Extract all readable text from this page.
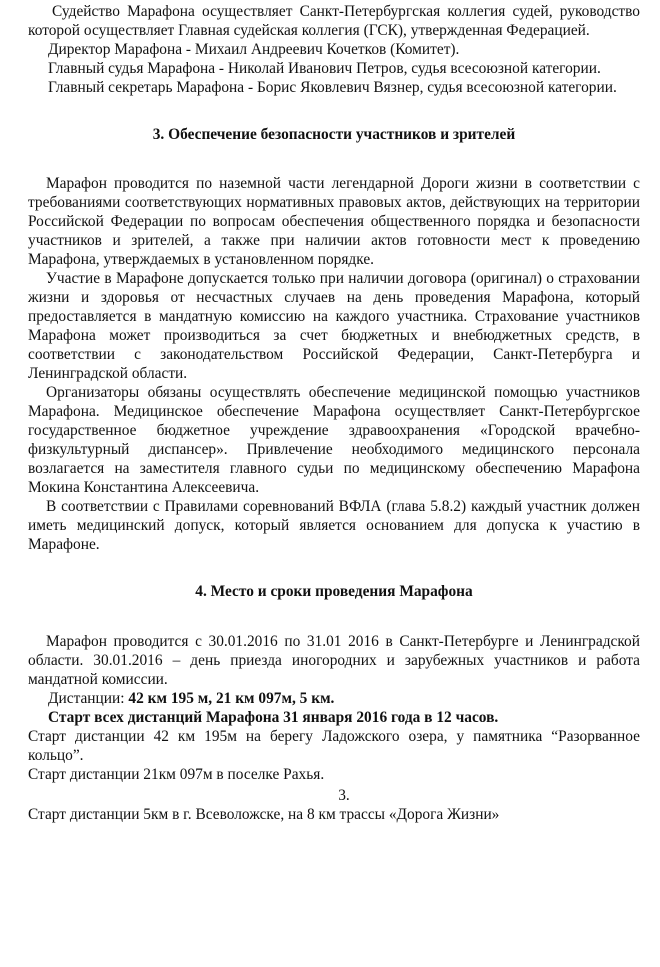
Судейство Марафона осуществляет Санкт-Петербургская коллегия судей, руководство которой осуществляет Главная судейская коллегия (ГСК), утвержденная Федерацией.

Директор Марафона - Михаил Андреевич Кочетков (Комитет).

Главный судья Марафона - Николай Иванович Петров, судья всесоюзной категории.

Главный секретарь Марафона - Борис Яковлевич Вязнер, судья всесоюзной категории.

3. Обеспечение безопасности участников и зрителей

Марафон проводится по наземной части легендарной Дороги жизни в соответствии с требованиями соответствующих нормативных правовых актов, действующих на территории Российской Федерации по вопросам обеспечения общественного порядка и безопасности участников и зрителей, а также при наличии актов готовности мест к проведению Марафона, утверждаемых в установленном порядке.

Участие в Марафоне допускается только при наличии договора (оригинал) о страховании жизни и здоровья от несчастных случаев на день проведения Марафона, который предоставляется в мандатную комиссию на каждого участника. Страхование участников Марафона может производиться за счет бюджетных и внебюджетных средств, в соответствии с законодательством Российской Федерации, Санкт-Петербурга и Ленинградской области.

Организаторы обязаны осуществлять обеспечение медицинской помощью участников Марафона. Медицинское обеспечение Марафона осуществляет Санкт-Петербургское государственное бюджетное учреждение здравоохранения «Городской врачебно-физкультурный диспансер». Привлечение необходимого медицинского персонала возлагается на заместителя главного судьи по медицинскому обеспечению Марафона Мокина Константина Алексеевича.

В соответствии с Правилами соревнований ВФЛА (глава 5.8.2) каждый участник должен иметь медицинский допуск, который является основанием для допуска к участию в Марафоне.

4. Место и сроки проведения Марафона

Марафон проводится с 30.01.2016 по 31.01 2016 в Санкт-Петербурге и Ленинградской области. 30.01.2016 – день приезда иногородних и зарубежных участников и работа мандатной комиссии.

Дистанции: 42 км 195 м, 21 км 097м, 5 км.

Старт всех дистанций Марафона 31 января 2016 года в 12 часов.

Старт дистанции 42 км 195м на берегу Ладожского озера, у памятника “Разорванное кольцо”.

Старт дистанции 21км 097м в поселке Рахья.

3.

Старт дистанции 5км в г. Всеволожске, на 8 км трассы «Дорога Жизни»
